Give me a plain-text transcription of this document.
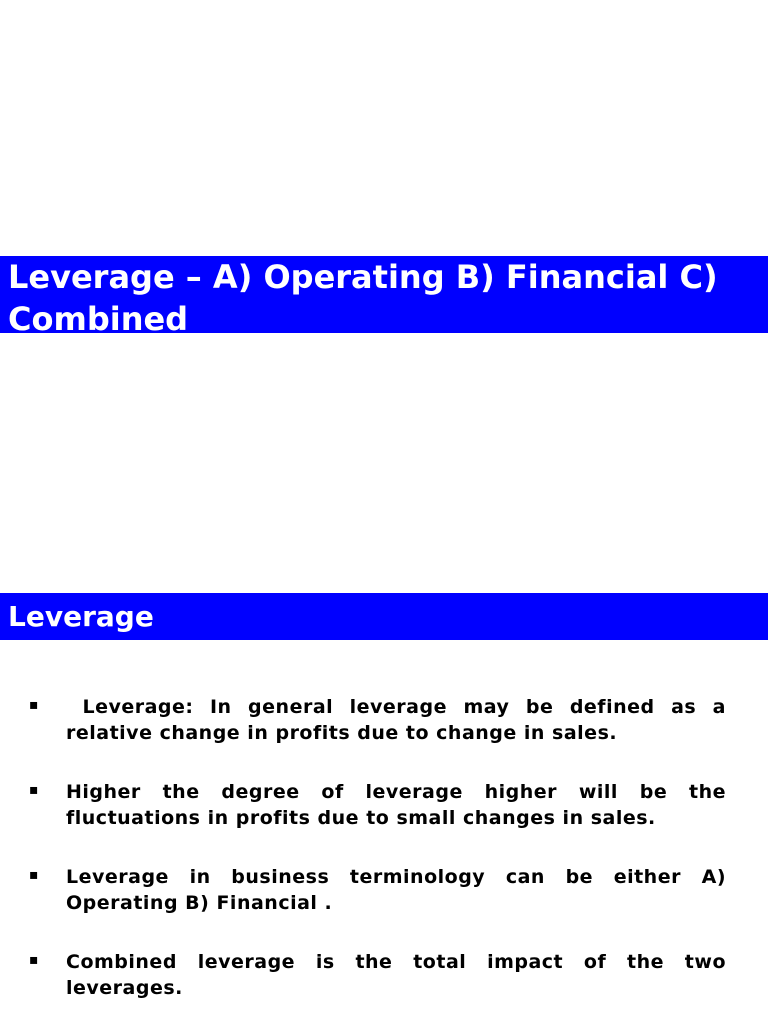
Leverage – A) Operating B) Financial C) Combined
Leverage
▪ Leverage: In general leverage may be defined as a relative change in profits due to change in sales.
▪ Higher the degree of leverage higher will be the fluctuations in profits due to small changes in sales.
▪ Leverage in business terminology can be either A) Operating B) Financial .
▪ Combined leverage is the total impact of the two leverages.
